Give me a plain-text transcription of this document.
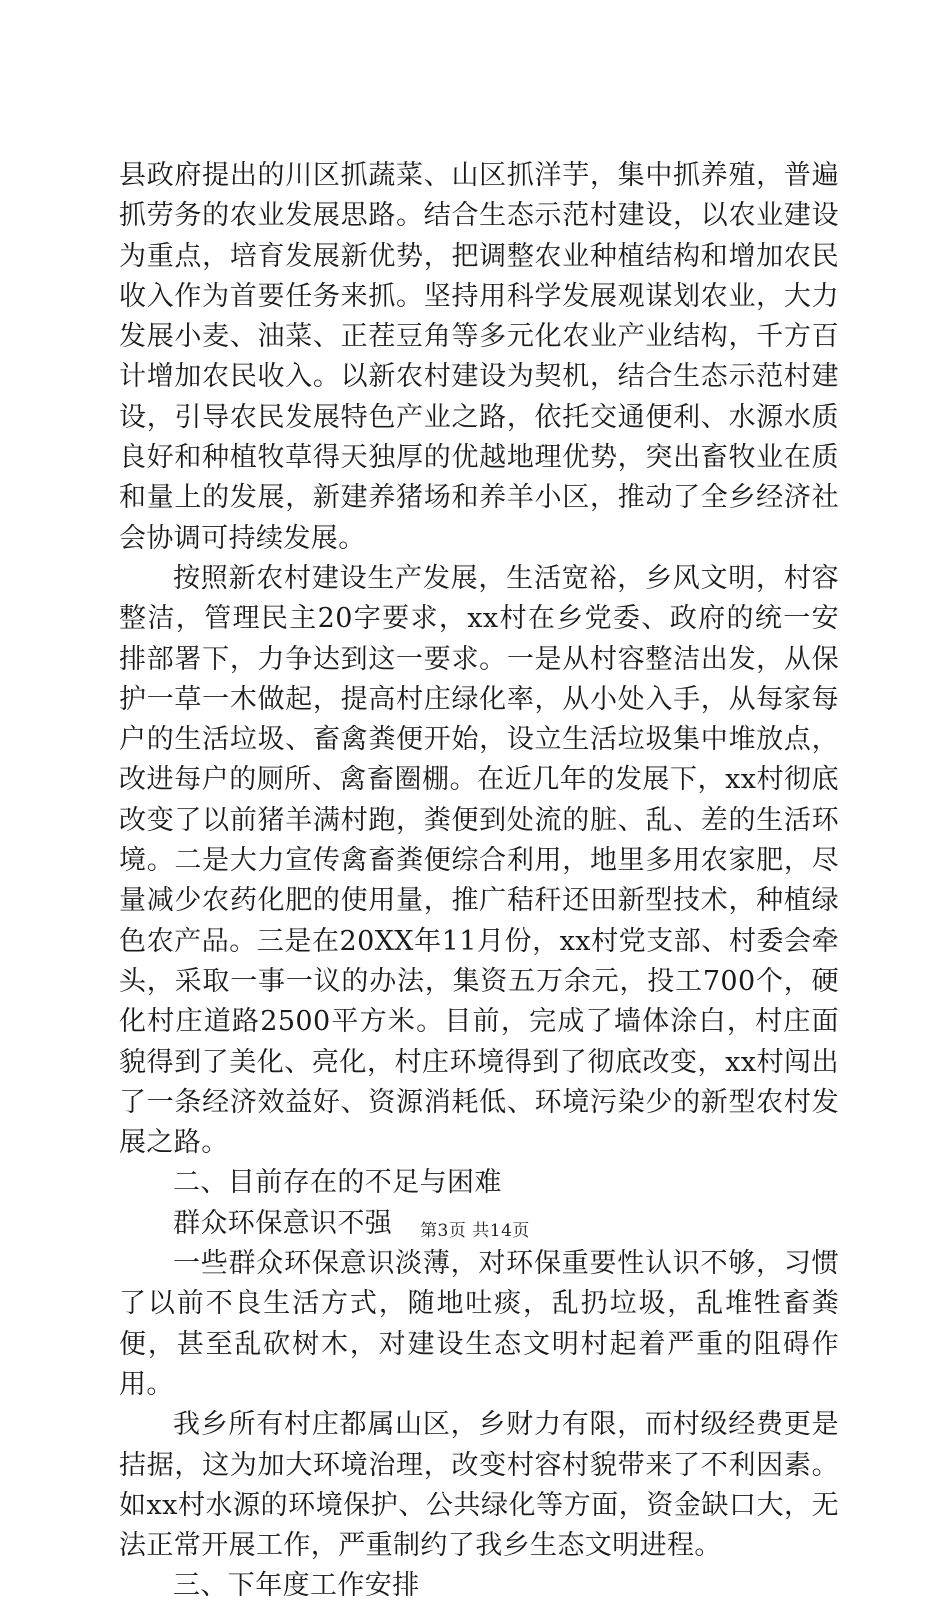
县政府提出的川区抓蔬菜、山区抓洋芋，集中抓养殖，普遍抓劳务的农业发展思路。结合生态示范村建设，以农业建设为重点，培育发展新优势，把调整农业种植结构和增加农民收入作为首要任务来抓。坚持用科学发展观谋划农业，大力发展小麦、油菜、正茬豆角等多元化农业产业结构，千方百计增加农民收入。以新农村建设为契机，结合生态示范村建设，引导农民发展特色产业之路，依托交通便利、水源水质良好和种植牧草得天独厚的优越地理优势，突出畜牧业在质和量上的发展，新建养猪场和养羊小区，推动了全乡经济社会协调可持续发展。

按照新农村建设生产发展，生活宽裕，乡风文明，村容整洁，管理民主20字要求，xx村在乡党委、政府的统一安排部署下，力争达到这一要求。一是从村容整洁出发，从保护一草一木做起，提高村庄绿化率，从小处入手，从每家每户的生活垃圾、畜禽粪便开始，设立生活垃圾集中堆放点，改进每户的厕所、禽畜圈棚。在近几年的发展下，xx村彻底改变了以前猪羊满村跑，粪便到处流的脏、乱、差的生活环境。二是大力宣传禽畜粪便综合利用，地里多用农家肥，尽量减少农药化肥的使用量，推广秸秆还田新型技术，种植绿色农产品。三是在20XX年11月份，xx村党支部、村委会牵头，采取一事一议的办法，集资五万余元，投工700个，硬化村庄道路2500平方米。目前，完成了墙体涂白，村庄面貌得到了美化、亮化，村庄环境得到了彻底改变，xx村闯出了一条经济效益好、资源消耗低、环境污染少的新型农村发展之路。

二、目前存在的不足与困难

群众环保意识不强

一些群众环保意识淡薄，对环保重要性认识不够，习惯了以前不良生活方式，随地吐痰，乱扔垃圾，乱堆牲畜粪便，甚至乱砍树木，对建设生态文明村起着严重的阻碍作用。

我乡所有村庄都属山区，乡财力有限，而村级经费更是拮据，这为加大环境治理，改变村容村貌带来了不利因素。如xx村水源的环境保护、公共绿化等方面，资金缺口大，无法正常开展工作，严重制约了我乡生态文明进程。

三、下年度工作安排

第3页 共14页
